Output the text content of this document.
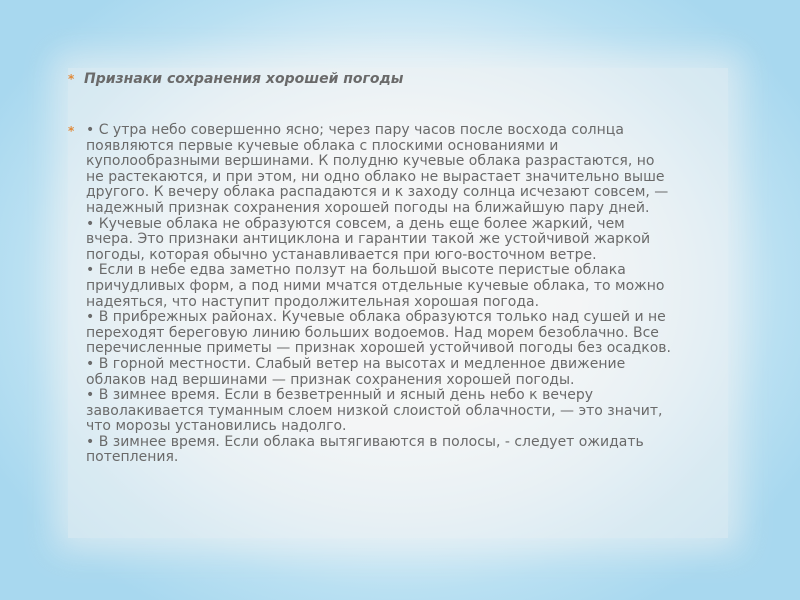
* Признаки сохранения хорошей погоды
* • С утра небо совершенно ясно; через пару часов после восхода солнца
появляются первые кучевые облака с плоскими основаниями и
куполообразными вершинами. К полудню кучевые облака разрастаются, но
не растекаются, и при этом, ни одно облако не вырастает значительно выше
другого. К вечеру облака распадаются и к заходу солнца исчезают совсем, —
надежный признак сохранения хорошей погоды на ближайшую пару дней.
• Кучевые облака не образуются совсем, а день еще более жаркий, чем
вчера. Это признаки антициклона и гарантии такой же устойчивой жаркой
погоды, которая обычно устанавливается при юго-восточном ветре.
• Если в небе едва заметно ползут на большой высоте перистые облака
причудливых форм, а под ними мчатся отдельные кучевые облака, то можно
надеяться, что наступит продолжительная хорошая погода.
• В прибрежных районах. Кучевые облака образуются только над сушей и не
переходят береговую линию больших водоемов. Над морем безоблачно. Все
перечисленные приметы — признак хорошей устойчивой погоды без осадков.
• В горной местности. Слабый ветер на высотах и медленное движение
облаков над вершинами — признак сохранения хорошей погоды.
• В зимнее время. Если в безветренный и ясный день небо к вечеру
заволакивается туманным слоем низкой слоистой облачности, — это значит,
что морозы установились надолго.
• В зимнее время. Если облака вытягиваются в полосы, - следует ожидать
потепления.
